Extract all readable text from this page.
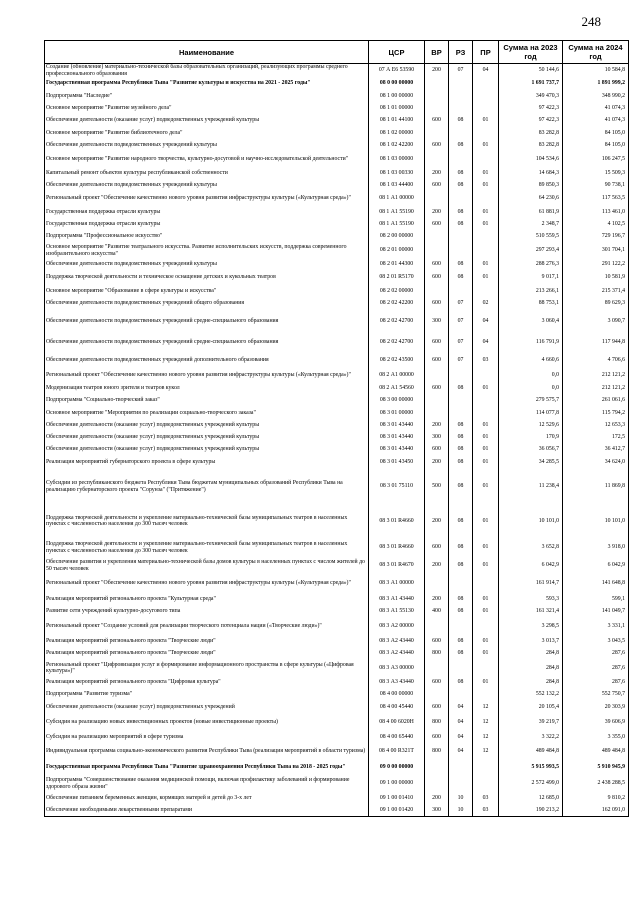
248
Наименование	ЦСР	ВР	РЗ	ПР	Сумма на 2023 год	Сумма на 2024 год
Создание (обновление) материально-технической базы образовательных организаций, реализующих программы среднего профессионального образования	07 А Е6 53590	200	07	04	50 144,6	10 584,8
Государственная программа Республики Тыва "Развитие культуры и искусства на 2021 - 2025 годы"	08 0 00 00000				1 691 737,7	1 891 999,2
Подпрограмма "Наследие"	08 1 00 00000				349 470,3	348 990,2
Основное мероприятие "Развитие музейного дела"	08 1 01 00000				97 422,3	41 074,3
Обеспечение деятельности (оказание услуг) подведомственных учреждений культуры	08 1 01 44100	600	08	01	97 422,3	41 074,3
Основное мероприятие "Развитие библиотечного дела"	08 1 02 00000				83 282,8	84 105,0
Обеспечение деятельности подведомственных учреждений культуры	08 1 02 42200	600	08	01	83 282,8	84 105,0
Основное мероприятие "Развитие народного творчества, культурно-досуговой и научно-исследовательской деятельности"	08 1 03 00000				104 534,6	106 247,5
Капитальный ремонт объектов культуры республиканской собственности	08 1 03 00330	200	08	01	14 684,3	15 509,3
Обеспечение деятельности подведомственных учреждений культуры	08 1 03 44400	600	08	01	89 850,3	90 738,1
Региональный проект "Обеспечение качественно нового уровня развития инфраструктуры культуры («Культурная среда»)"	08 1 А1 00000				64 230,6	117 563,5
Государственная поддержка отрасли культуры	08 1 А1 55190	200	08	01	61 881,9	113 461,0
Государственная поддержка отрасли культуры	08 1 А1 55190	600	08	01	2 348,7	4 102,5
Подпрограмма "Профессиональное искусство"	08 2 00 00000				510 559,5	729 196,7
Основное мероприятие "Развитие театрального искусства. Развитие исполнительских искусств, поддержка современного изобразительного искусства"	08 2 01 00000				297 293,4	301 704,1
Обеспечение деятельности подведомственных учреждений культуры	08 2 01 44300	600	08	01	288 276,3	291 122,2
Поддержка творческой деятельности и техническое оснащение детских и кукольных театров	08 2 01 R5170	600	08	01	9 017,1	10 581,9
Основное мероприятие "Образование в сфере культуры и искусства"	08 2 02 00000				213 266,1	215 371,4
Обеспечение деятельности подведомственных учреждений общего образования	08 2 02 42200	600	07	02	88 753,1	89 629,3
Обеспечение деятельности подведомственных учреждений средне-специального образования	08 2 02 42700	300	07	04	3 060,4	3 090,7
Обеспечение деятельности подведомственных учреждений средне-специального образования	08 2 02 42700	600	07	04	116 791,9	117 944,8
Обеспечение деятельности подведомственных учреждений дополнительного образования	08 2 02 43500	600	07	03	4 660,6	4 706,6
Региональный проект "Обеспечение качественно нового уровня развития инфраструктуры культуры («Культурная среда»)"	08 2 А1 00000				0,0	212 121,2
Модернизация театров юного зрителя и театров кукол	08 2 А1 54560	600	08	01	0,0	212 121,2
Подпрограмма "Социально-творческий заказ"	08 3 00 00000				279 575,7	261 061,6
Основное мероприятие "Мероприятия по реализации социально-творческого заказа"	08 3 01 00000				114 077,8	115 794,2
Обеспечение деятельности (оказание услуг) подведомственных учреждений культуры	08 3 01 43440	200	08	01	12 529,6	12 653,3
Обеспечение деятельности (оказание услуг) подведомственных учреждений культуры	08 3 01 43440	300	08	01	170,9	172,5
Обеспечение деятельности (оказание услуг) подведомственных учреждений культуры	08 3 01 43440	600	08	01	36 056,7	36 412,7
Реализация мероприятий губернаторского проекта в сфере культуры	08 3 01 43450	200	08	01	34 285,5	34 624,0
Субсидии из республиканского бюджета Республики Тыва бюджетам муниципальных образований Республики Тыва на реализацию губернаторского проекта "Сорунза" ("Притяжение")	08 3 01 75110	500	08	01	11 238,4	11 869,8
Поддержка творческой деятельности и укрепление материально-технической базы муниципальных театров в населенных пунктах с численностью населения до 300 тысяч человек	08 3 01 R4660	200	08	01	10 101,0	10 101,0
Поддержка творческой деятельности и укрепление материально-технической базы муниципальных театров в населенных пунктах с численностью населения до 300 тысяч человек	08 3 01 R4660	600	08	01	3 652,8	3 918,0
Обеспечение развития и укрепления материально-технической базы домов культуры в населенных пунктах с числом жителей до 50 тысяч человек	08 3 01 R4670	200	08	01	6 042,9	6 042,9
Региональный проект "Обеспечение качественно нового уровня развития инфраструктуры культуры («Культурная среда»)"	08 3 А1 00000				161 914,7	141 648,8
Реализация мероприятий регионального проекта "Культурная среда"	08 3 А1 43440	200	08	01	593,3	599,1
Развитие сети учреждений культурно-досугового типа	08 3 А1 55130	400	08	01	161 321,4	141 049,7
Региональный проект "Создание условий для реализации творческого потенциала нации («Творческие люди»)"	08 3 А2 00000				3 298,5	3 331,1
Реализация мероприятий регионального проекта "Творческие люди"	08 3 А2 43440	600	08	01	3 013,7	3 043,5
Реализация мероприятий регионального проекта "Творческие люди"	08 3 А2 43440	800	08	01	284,8	287,6
Региональный проект "Цифровизация услуг и формирование информационного пространства в сфере культуры («Цифровая культура»)"	08 3 А3 00000				284,8	287,6
Реализация мероприятий регионального проекта "Цифровая культура"	08 3 А3 43440	600	08	01	284,8	287,6
Подпрограмма "Развитие туризма"	08 4 00 00000				552 132,2	552 750,7
Обеспечение деятельности (оказание услуг) подведомственных учреждений	08 4 00 45440	600	04	12	20 105,4	20 303,9
Субсидия на реализацию новых инвестиционных проектов (новые инвестиционные проекты)	08 4 00 6020Н	800	04	12	39 219,7	39 606,9
Субсидия на реализацию мероприятий в сфере туризма	08 4 00 65440	600	04	12	3 322,2	3 355,0
Индивидуальная программа социально-экономического развития Республики Тыва (реализация мероприятий в области туризма)	08 4 00 R321Т	800	04	12	489 484,8	489 484,8
Государственная программа Республики Тыва "Развитие здравоохранения Республики Тыва на 2018 - 2025 годы"	09 0 00 00000				5 915 993,5	5 910 945,9
Подпрограмма "Совершенствование оказания медицинской помощи, включая профилактику заболеваний и формирование здорового образа жизни"	09 1 00 00000				2 572 499,0	2 438 288,5
Обеспечение питанием беременных женщин, кормящих матерей и детей до 3-х лет	09 1 00 01410	200	10	03	12 685,0	9 810,2
Обеспечение необходимыми лекарственными препаратами	09 1 00 01420	300	10	03	190 213,2	162 091,0
